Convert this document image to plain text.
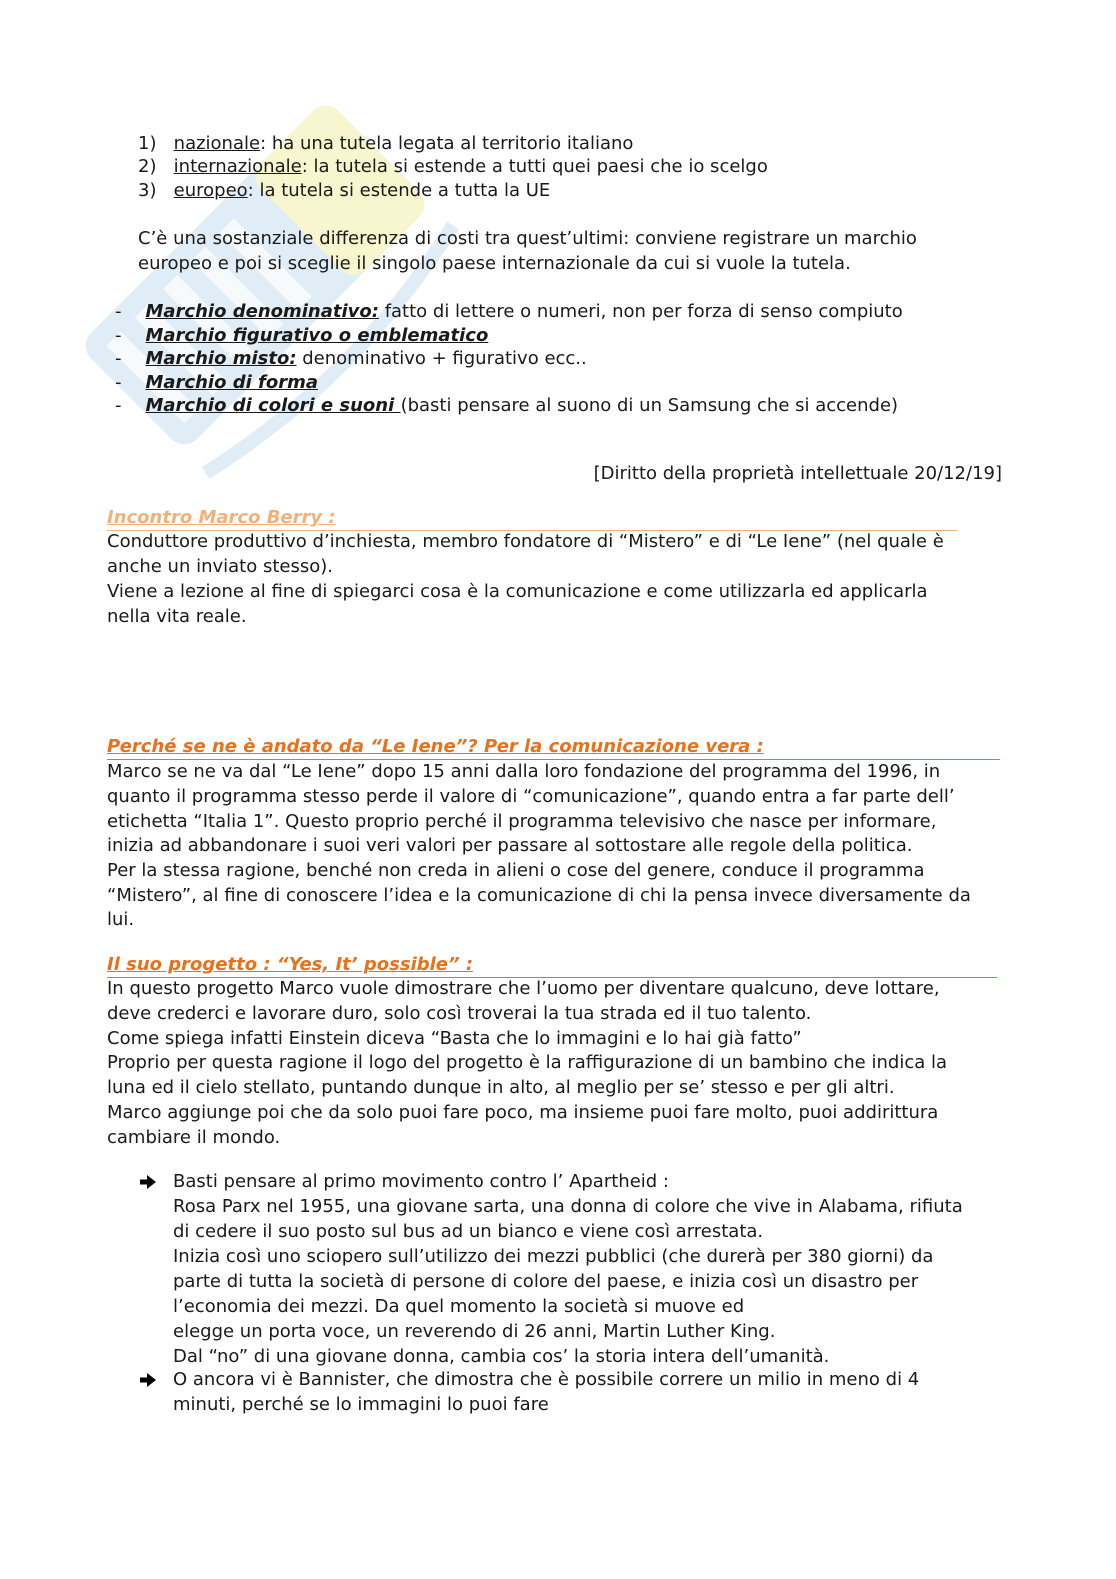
1) nazionale: ha una tutela legata al territorio italiano
2) internazionale: la tutela si estende a tutti quei paesi che io scelgo
3) europeo: la tutela si estende a tutta la UE
C’è una sostanziale differenza di costi tra quest’ultimi: conviene registrare un marchio
europeo e poi si sceglie il singolo paese internazionale da cui si vuole la tutela.
- Marchio denominativo: fatto di lettere o numeri, non per forza di senso compiuto
- Marchio figurativo o emblematico
- Marchio misto: denominativo + figurativo ecc..
- Marchio di forma
- Marchio di colori e suoni (basti pensare al suono di un Samsung che si accende)
[Diritto della proprietà intellettuale 20/12/19]
Incontro Marco Berry :
Conduttore produttivo d’inchiesta, membro fondatore di “Mistero” e di “Le Iene” (nel quale è
anche un inviato stesso).
Viene a lezione al fine di spiegarci cosa è la comunicazione e come utilizzarla ed applicarla
nella vita reale.
Perché se ne è andato da “Le Iene”? Per la comunicazione vera :
Marco se ne va dal “Le Iene” dopo 15 anni dalla loro fondazione del programma del 1996, in
quanto il programma stesso perde il valore di “comunicazione”, quando entra a far parte dell’
etichetta “Italia 1”. Questo proprio perché il programma televisivo che nasce per informare,
inizia ad abbandonare i suoi veri valori per passare al sottostare alle regole della politica.
Per la stessa ragione, benché non creda in alieni o cose del genere, conduce il programma
“Mistero”, al fine di conoscere l’idea e la comunicazione di chi la pensa invece diversamente da
lui.
Il suo progetto : “Yes, It’ possible” :
In questo progetto Marco vuole dimostrare che l’uomo per diventare qualcuno, deve lottare,
deve crederci e lavorare duro, solo così troverai la tua strada ed il tuo talento.
Come spiega infatti Einstein diceva “Basta che lo immagini e lo hai già fatto”
Proprio per questa ragione il logo del progetto è la raffigurazione di un bambino che indica la
luna ed il cielo stellato, puntando dunque in alto, al meglio per se’ stesso e per gli altri.
Marco aggiunge poi che da solo puoi fare poco, ma insieme puoi fare molto, puoi addirittura
cambiare il mondo.
Basti pensare al primo movimento contro l’ Apartheid :
Rosa Parx nel 1955, una giovane sarta, una donna di colore che vive in Alabama, rifiuta
di cedere il suo posto sul bus ad un bianco e viene così arrestata.
Inizia così uno sciopero sull’utilizzo dei mezzi pubblici (che durerà per 380 giorni) da
parte di tutta la società di persone di colore del paese, e inizia così un disastro per
l’economia dei mezzi. Da quel momento la società si muove ed
elegge un porta voce, un reverendo di 26 anni, Martin Luther King.
Dal “no” di una giovane donna, cambia cos’ la storia intera dell’umanità.
O ancora vi è Bannister, che dimostra che è possibile correre un milio in meno di 4
minuti, perché se lo immagini lo puoi fare
